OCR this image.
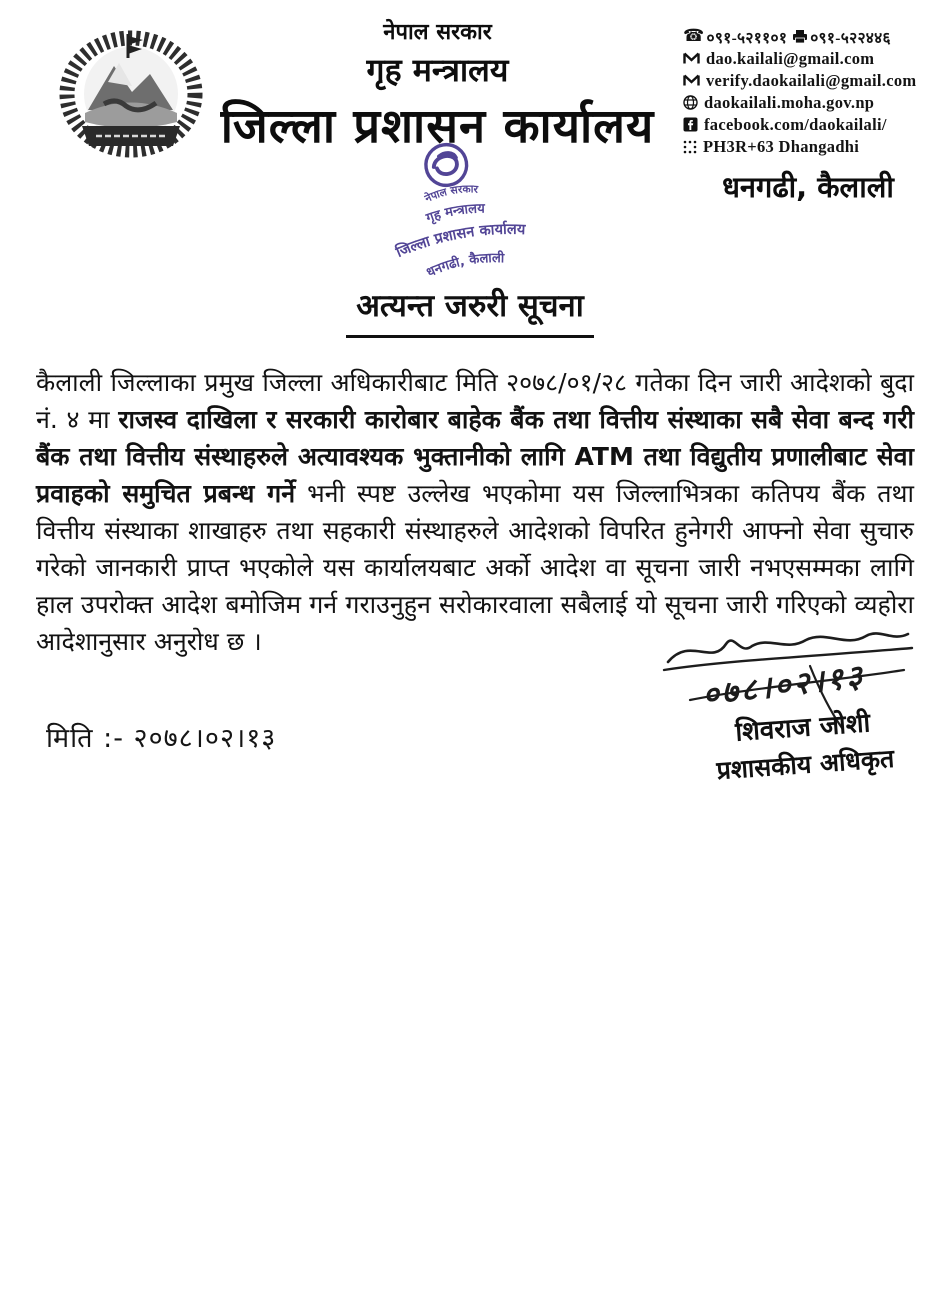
नेपाल सरकार
गृह मन्त्रालय
जिल्ला प्रशासन कार्यालय
☎ ०९१-५२११०१ ०९१-५२२४४६
dao.kailali@gmail.com
verify.daokailali@gmail.com
daokailali.moha.gov.np
facebook.com/daokailali/
PH3R+63 Dhangadhi
धनगढी, कैलाली
नेपाल सरकार
गृह मन्त्रालय
जिल्ला प्रशासन कार्यालय
धनगढी, कैलाली
अत्यन्त जरुरी सूचना

कैलाली जिल्लाका प्रमुख जिल्ला अधिकारीबाट मिति २०७८/०१/२८ गतेका दिन जारी आदेशको बुदा नं. ४ मा राजस्व दाखिला र सरकारी कारोबार बाहेक बैंक तथा वित्तीय संस्थाका सबै सेवा बन्द गरी बैंक तथा वित्तीय संस्थाहरुले अत्यावश्यक भुक्तानीको लागि ATM तथा विद्युतीय प्रणालीबाट सेवा प्रवाहको समुचित प्रबन्ध गर्ने भनी स्पष्ट उल्लेख भएकोमा यस जिल्लाभित्रका कतिपय बैंक तथा वित्तीय संस्थाका शाखाहरु तथा सहकारी संस्थाहरुले आदेशको विपरित हुनेगरी आफ्नो सेवा सुचारु गरेको जानकारी प्राप्त भएकोले यस कार्यालयबाट अर्को आदेश वा सूचना जारी नभएसम्मका लागि हाल उपरोक्त आदेश बमोजिम गर्न गराउनुहुन सरोकारवाला सबैलाई यो सूचना जारी गरिएको व्यहोरा आदेशानुसार अनुरोध छ ।

०७८।०२।१३
मिति :- २०७८।०२।१३	शिवराज जोशी
प्रशासकीय अधिकृत
